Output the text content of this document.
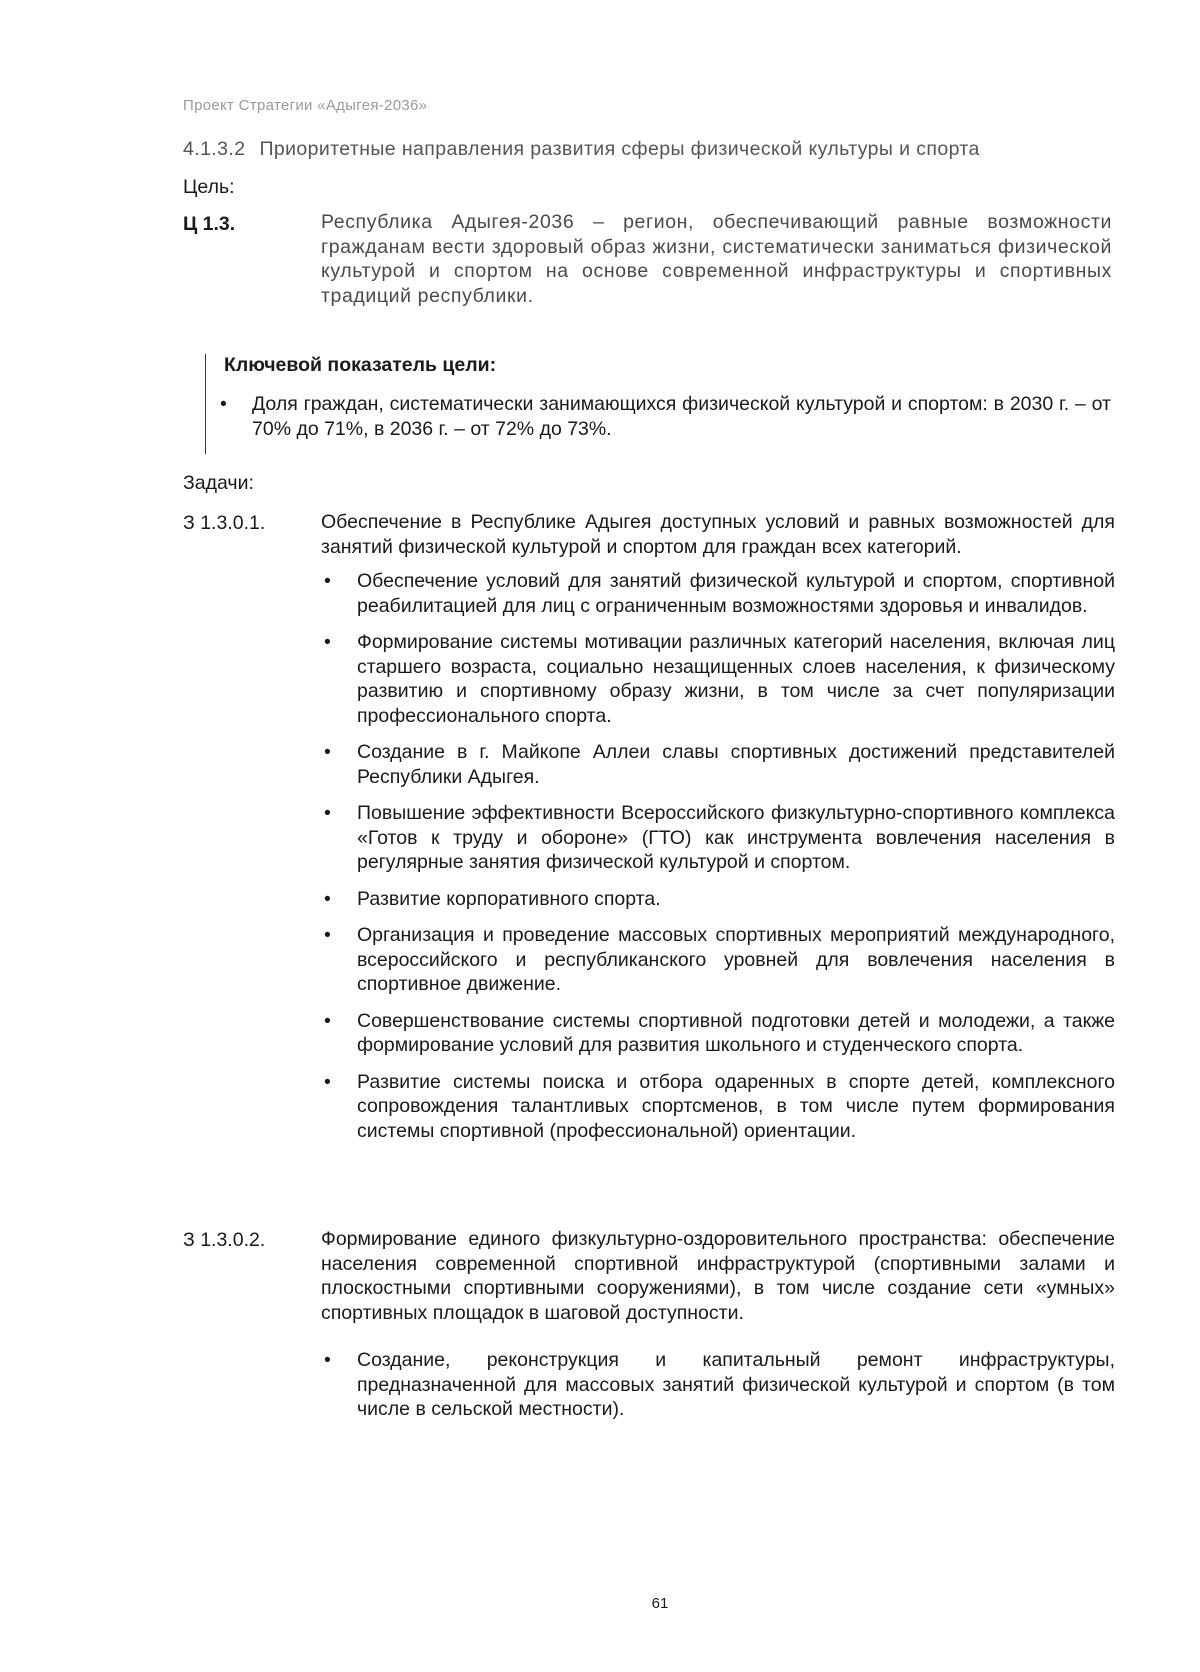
Проект Стратегии «Адыгея-2036»
4.1.3.2 Приоритетные направления развития сферы физической культуры и спорта
Цель:
Ц 1.3.	Республика Адыгея-2036 – регион, обеспечивающий равные возможности гражданам вести здоровый образ жизни, систематически заниматься физической культурой и спортом на основе современной инфраструктуры и спортивных традиций республики.
Ключевой показатель цели:
• Доля граждан, систематически занимающихся физической культурой и спортом: в 2030 г. – от 70% до 71%, в 2036 г. – от 72% до 73%.
Задачи:
З 1.3.0.1.	Обеспечение в Республике Адыгея доступных условий и равных возможностей для занятий физической культурой и спортом для граждан всех категорий.
• Обеспечение условий для занятий физической культурой и спортом, спортивной реабилитацией для лиц с ограниченным возможностями здоровья и инвалидов.
• Формирование системы мотивации различных категорий населения, включая лиц старшего возраста, социально незащищенных слоев населения, к физическому развитию и спортивному образу жизни, в том числе за счет популяризации профессионального спорта.
• Создание в г. Майкопе Аллеи славы спортивных достижений представителей Республики Адыгея.
• Повышение эффективности Всероссийского физкультурно-спортивного комплекса «Готов к труду и обороне» (ГТО) как инструмента вовлечения населения в регулярные занятия физической культурой и спортом.
• Развитие корпоративного спорта.
• Организация и проведение массовых спортивных мероприятий международного, всероссийского и республиканского уровней для вовлечения населения в спортивное движение.
• Совершенствование системы спортивной подготовки детей и молодежи, а также формирование условий для развития школьного и студенческого спорта.
• Развитие системы поиска и отбора одаренных в спорте детей, комплексного сопровождения талантливых спортсменов, в том числе путем формирования системы спортивной (профессиональной) ориентации.
З 1.3.0.2.	Формирование единого физкультурно-оздоровительного пространства: обеспечение населения современной спортивной инфраструктурой (спортивными залами и плоскостными спортивными сооружениями), в том числе создание сети «умных» спортивных площадок в шаговой доступности.
• Создание, реконструкция и капитальный ремонт инфраструктуры, предназначенной для массовых занятий физической культурой и спортом (в том числе в сельской местности).
61
